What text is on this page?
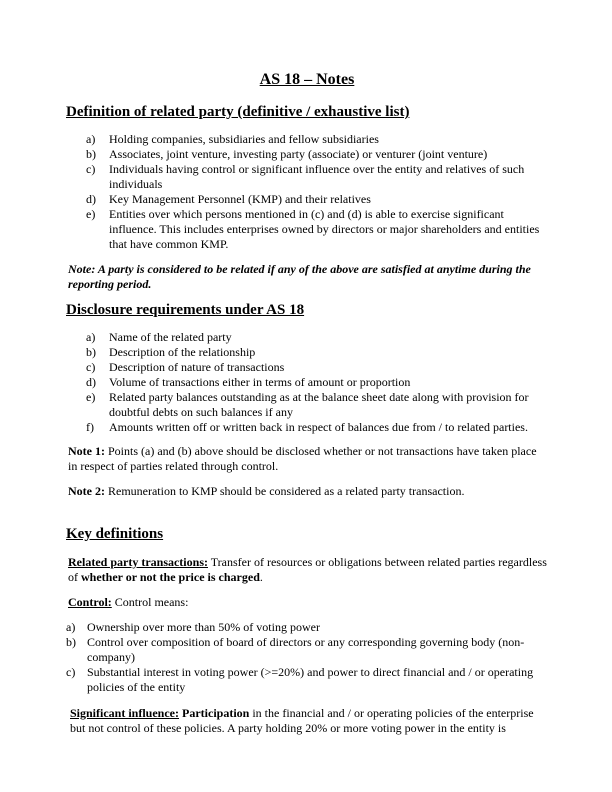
AS 18 – Notes
Definition of related party (definitive / exhaustive list)
a)	Holding companies, subsidiaries and fellow subsidiaries
b)	Associates, joint venture, investing party (associate) or venturer (joint venture)
c)	Individuals having control or significant influence over the entity and relatives of such individuals
d)	Key Management Personnel (KMP) and their relatives
e)	Entities over which persons mentioned in (c) and (d) is able to exercise significant influence. This includes enterprises owned by directors or major shareholders and entities that have common KMP.
Note: A party is considered to be related if any of the above are satisfied at anytime during the reporting period.
Disclosure requirements under AS 18
a)	Name of the related party
b)	Description of the relationship
c)	Description of nature of transactions
d)	Volume of transactions either in terms of amount or proportion
e)	Related party balances outstanding as at the balance sheet date along with provision for doubtful debts on such balances if any
f)	Amounts written off or written back in respect of balances due from / to related parties.
Note 1: Points (a) and (b) above should be disclosed whether or not transactions have taken place in respect of parties related through control.
Note 2: Remuneration to KMP should be considered as a related party transaction.
Key definitions
Related party transactions: Transfer of resources or obligations between related parties regardless of whether or not the price is charged.
Control: Control means:
a) Ownership over more than 50% of voting power
b) Control over composition of board of directors or any corresponding governing body (non-company)
c) Substantial interest in voting power (>=20%) and power to direct financial and / or operating policies of the entity
Significant influence: Participation in the financial and / or operating policies of the enterprise but not control of these policies. A party holding 20% or more voting power in the entity is
